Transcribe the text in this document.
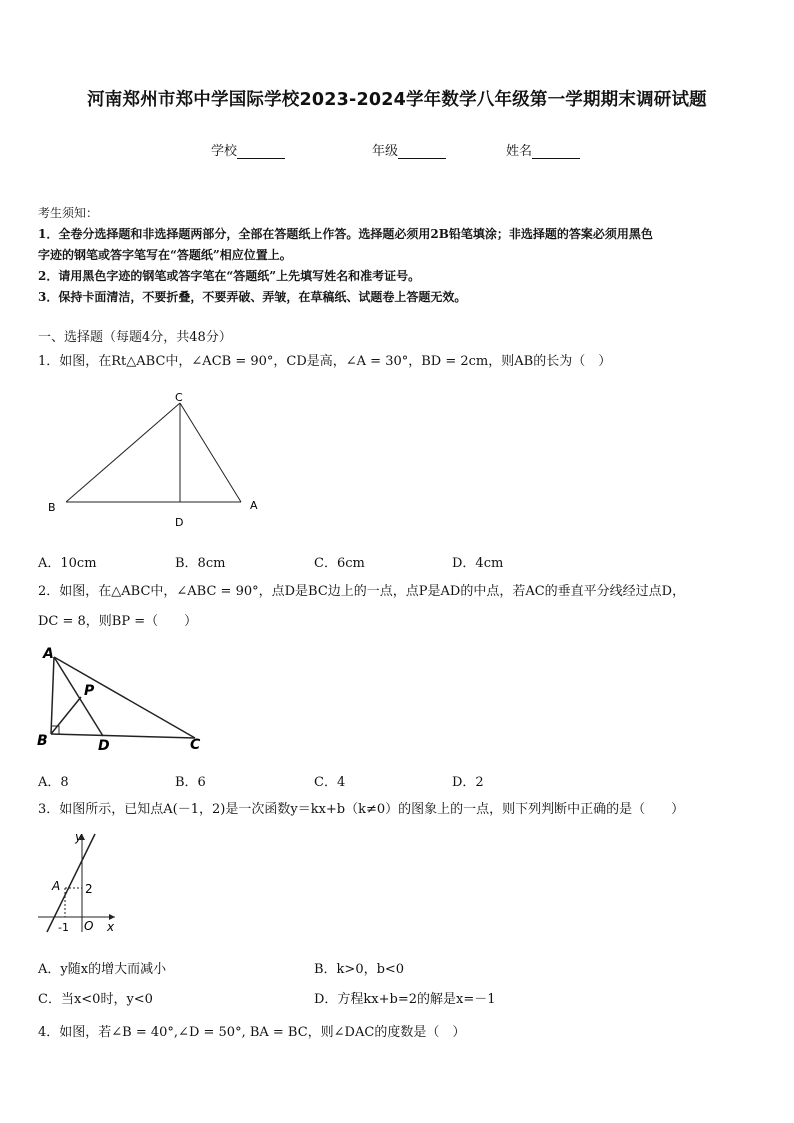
河南郑州市郑中学国际学校2023-2024学年数学八年级第一学期期末调研试题
学校	年级	姓名
考生须知：
1．全卷分选择题和非选择题两部分，全部在答题纸上作答。选择题必须用2B铅笔填涂；非选择题的答案必须用黑色
字迹的钢笔或答字笔写在“答题纸”相应位置上。
2．请用黑色字迹的钢笔或答字笔在“答题纸”上先填写姓名和准考证号。
3．保持卡面清洁，不要折叠，不要弄破、弄皱，在草稿纸、试题卷上答题无效。
一、选择题（每题4分，共48分）
1．如图，在Rt△ABC中，∠ACB = 90°，CD是高，∠A = 30°，BD = 2cm，则AB的长为（　）
C
B	A
D
A．10cm	B．8cm	C．6cm	D．4cm
2．如图，在△ABC中，∠ABC = 90°，点D是BC边上的一点，点P是AD的中点，若AC的垂直平分线经过点D，
DC = 8，则BP =（　　）
A
P
B	D	C
A．8	B．6	C．4	D．2
3．如图所示，已知点A(－1，2)是一次函数y＝kx+b（k≠0）的图象上的一点，则下列判断中正确的是（　　）
y
x
A 2
-1 O
A．y随x的增大而减小	B．k>0，b<0
C．当x<0时，y<0	D．方程kx+b=2的解是x=－1
4．如图，若∠B = 40°,∠D = 50°, BA = BC，则∠DAC的度数是（　）
